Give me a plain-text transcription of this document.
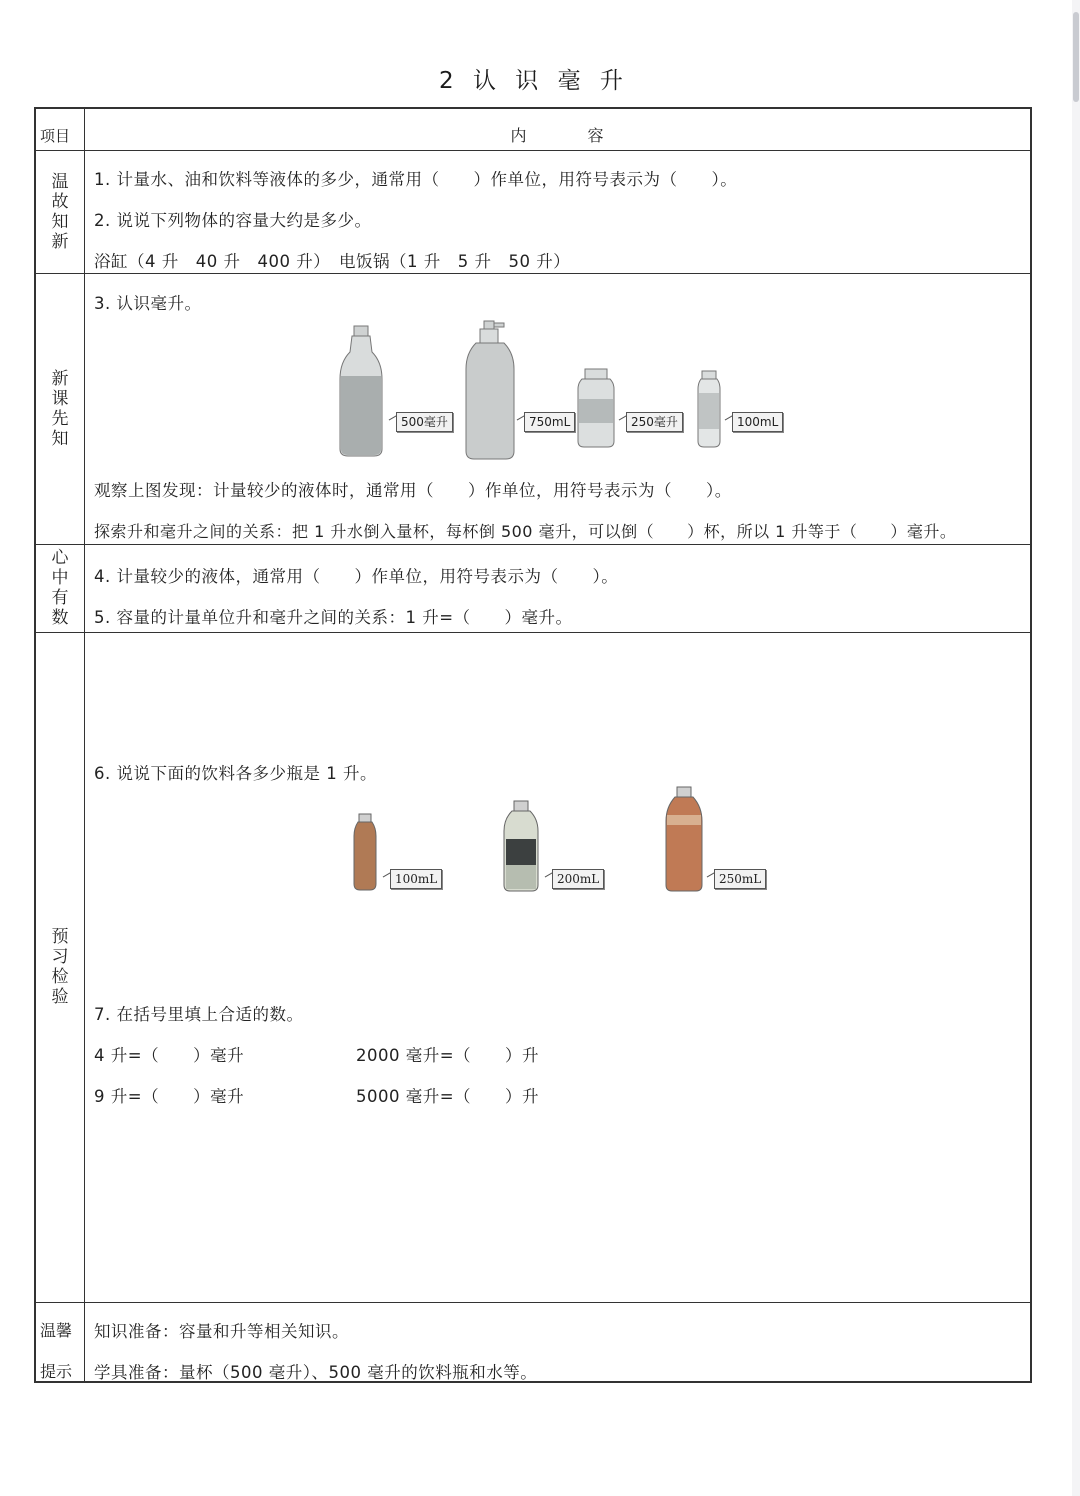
2 认 识 毫 升
项目	内	容
温故知新
1. 计量水、油和饮料等液体的多少，通常用（　　）作单位，用符号表示为（　　）。
2. 说说下列物体的容量大约是多少。
浴缸（4 升　40 升　400 升）　电饭锅（1 升　5 升　50 升）
新课先知
3. 认识毫升。
500毫升	750mL	250毫升	100mL
观察上图发现：计量较少的液体时，通常用（　　）作单位，用符号表示为（　　）。
探索升和毫升之间的关系：把 1 升水倒入量杯，每杯倒 500 毫升，可以倒（　　）杯，所以 1 升等于（　　）毫升。
心中有数
4. 计量较少的液体，通常用（　　）作单位，用符号表示为（　　）。
5. 容量的计量单位升和毫升之间的关系：1 升=（　　）毫升。
预习检验
6. 说说下面的饮料各多少瓶是 1 升。
100mL	200mL	250mL
7. 在括号里填上合适的数。
4 升=（　　）毫升	2000 毫升=（　　）升
9 升=（　　）毫升	5000 毫升=（　　）升
温馨
提示
知识准备：容量和升等相关知识。
学具准备：量杯（500 毫升）、500 毫升的饮料瓶和水等。
